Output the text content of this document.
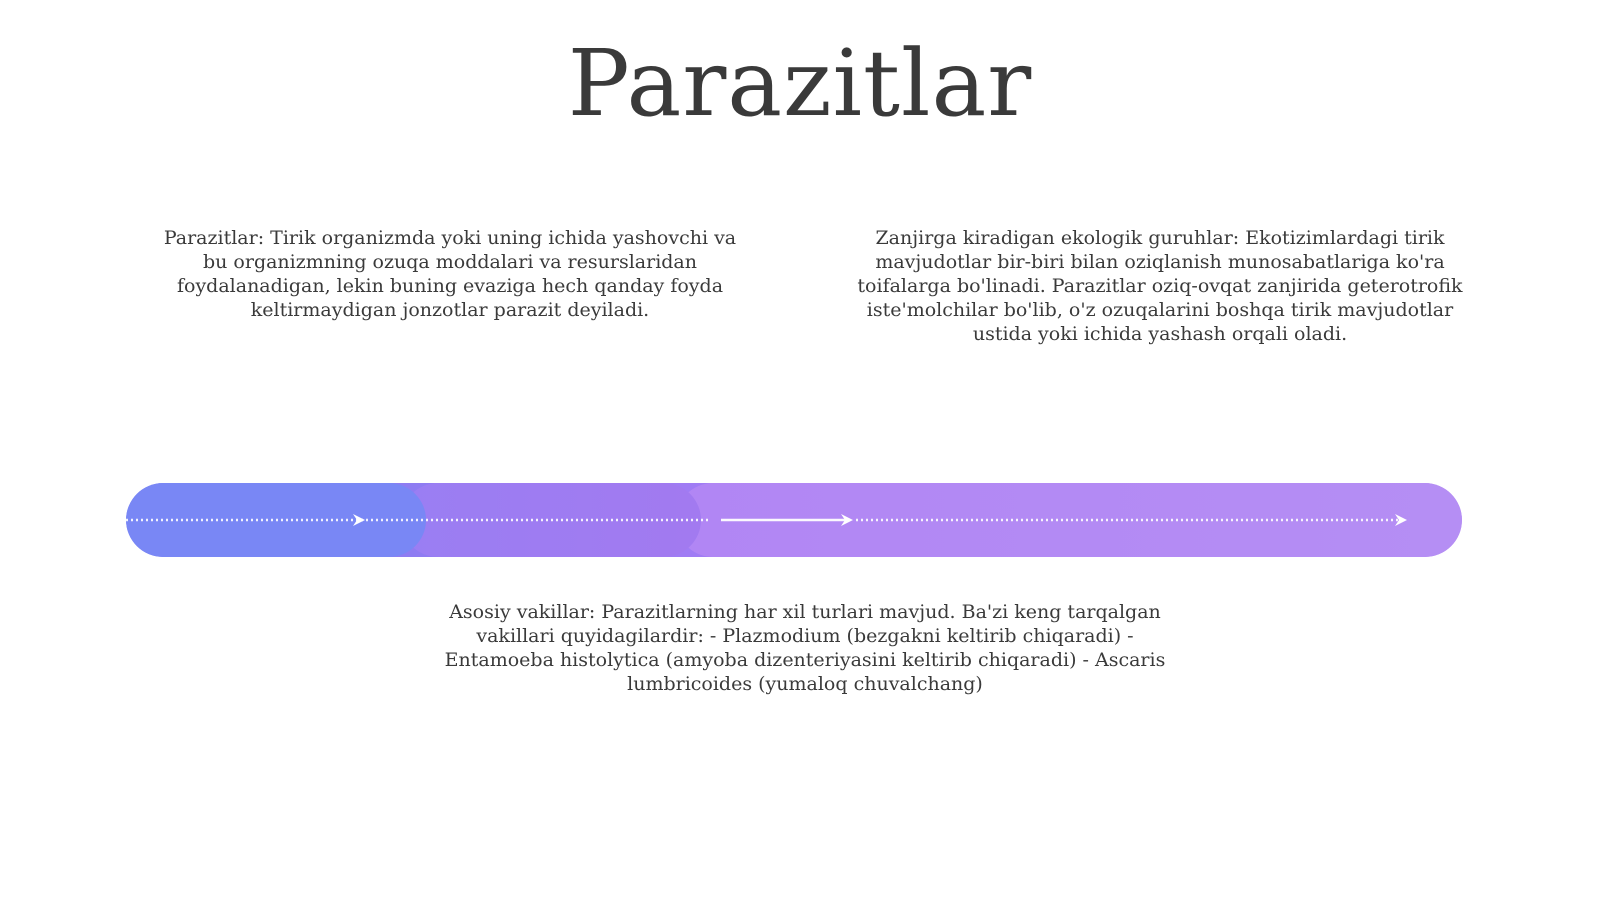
Parazitlar

Parazitlar: Tirik organizmda yoki uning ichida yashovchi va bu organizmning ozuqa moddalari va resurslaridan foydalanadigan, lekin buning evaziga hech qanday foyda keltirmaydigan jonzotlar parazit deyiladi.

Zanjirga kiradigan ekologik guruhlar: Ekotizimlardagi tirik mavjudotlar bir-biri bilan oziqlanish munosabatlariga ko'ra toifalarga bo'linadi. Parazitlar oziq-ovqat zanjirida geterotrofik iste'molchilar bo'lib, o'z ozuqalarini boshqa tirik mavjudotlar ustida yoki ichida yashash orqali oladi.

Asosiy vakillar: Parazitlarning har xil turlari mavjud. Ba'zi keng tarqalgan vakillari quyidagilardir: - Plazmodium (bezgakni keltirib chiqaradi) - Entamoeba histolytica (amyoba dizenteriyasini keltirib chiqaradi) - Ascaris lumbricoides (yumaloq chuvalchang)
